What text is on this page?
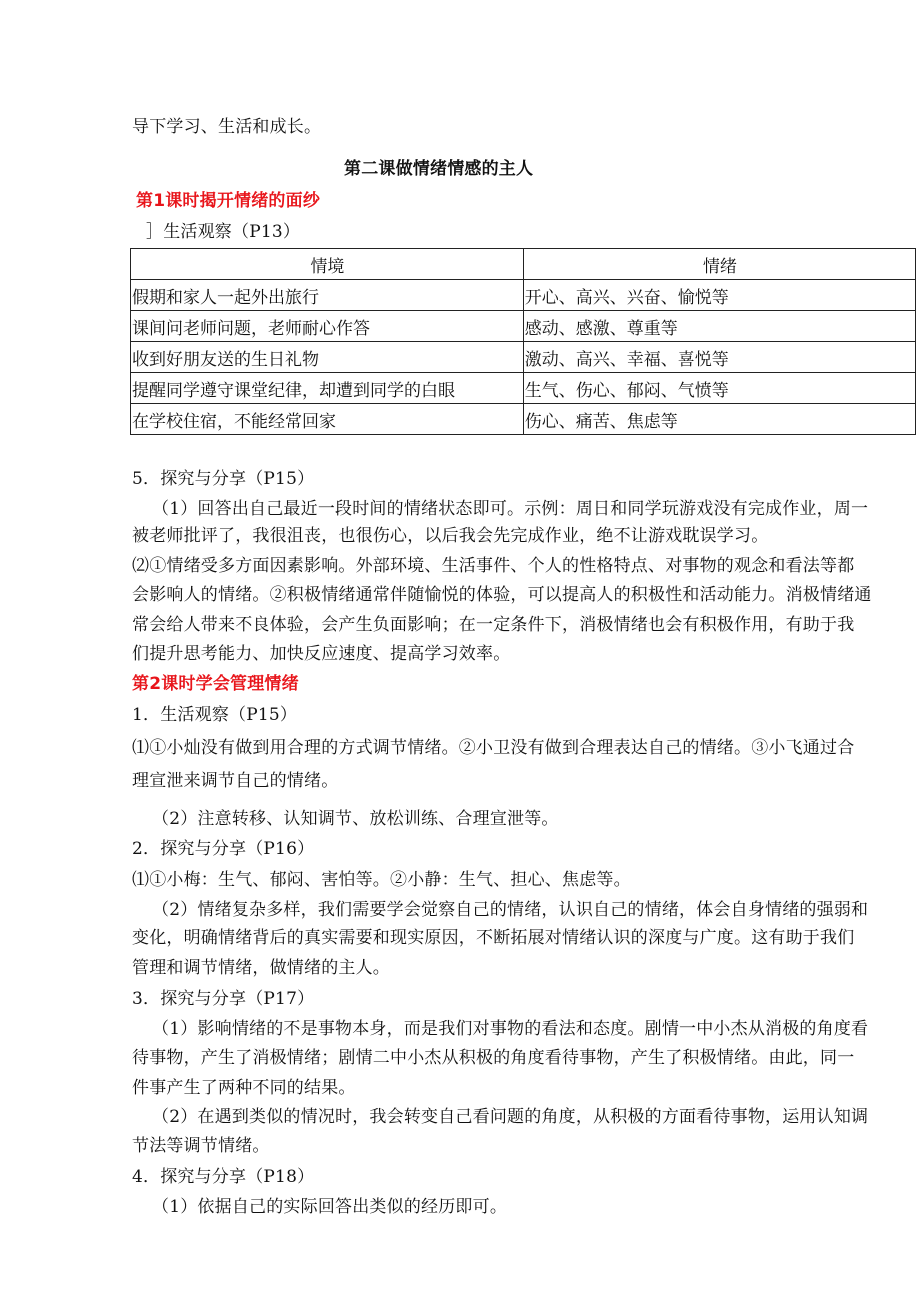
导下学习、生活和成长。
第二课做情绪情感的主人
第1课时揭开情绪的面纱
］生活观察（P13）
情境	情绪
假期和家人一起外出旅行	开心、高兴、兴奋、愉悦等
课间问老师问题，老师耐心作答	感动、感激、尊重等
收到好朋友送的生日礼物	激动、高兴、幸福、喜悦等
提醒同学遵守课堂纪律，却遭到同学的白眼	生气、伤心、郁闷、气愤等
在学校住宿，不能经常回家	伤心、痛苦、焦虑等
5．探究与分享（P15）
（1）回答出自己最近一段时间的情绪状态即可。示例：周日和同学玩游戏没有完成作业，周一
被老师批评了，我很沮丧，也很伤心，以后我会先完成作业，绝不让游戏耽误学习。
⑵①情绪受多方面因素影响。外部环境、生活事件、个人的性格特点、对事物的观念和看法等都
会影响人的情绪。②积极情绪通常伴随愉悦的体验，可以提高人的积极性和活动能力。消极情绪通
常会给人带来不良体验，会产生负面影响；在一定条件下，消极情绪也会有积极作用，有助于我
们提升思考能力、加快反应速度、提高学习效率。
第2课时学会管理情绪
1．生活观察（P15）
⑴①小灿没有做到用合理的方式调节情绪。②小卫没有做到合理表达自己的情绪。③小飞通过合
理宣泄来调节自己的情绪。
（2）注意转移、认知调节、放松训练、合理宣泄等。
2．探究与分享（P16）
⑴①小梅：生气、郁闷、害怕等。②小静：生气、担心、焦虑等。
（2）情绪复杂多样，我们需要学会觉察自己的情绪，认识自己的情绪，体会自身情绪的强弱和
变化，明确情绪背后的真实需要和现实原因，不断拓展对情绪认识的深度与广度。这有助于我们
管理和调节情绪，做情绪的主人。
3．探究与分享（P17）
（1）影响情绪的不是事物本身，而是我们对事物的看法和态度。剧情一中小杰从消极的角度看
待事物，产生了消极情绪；剧情二中小杰从积极的角度看待事物，产生了积极情绪。由此，同一
件事产生了两种不同的结果。
（2）在遇到类似的情况时，我会转变自己看问题的角度，从积极的方面看待事物，运用认知调
节法等调节情绪。
4．探究与分享（P18）
（1）依据自己的实际回答出类似的经历即可。
